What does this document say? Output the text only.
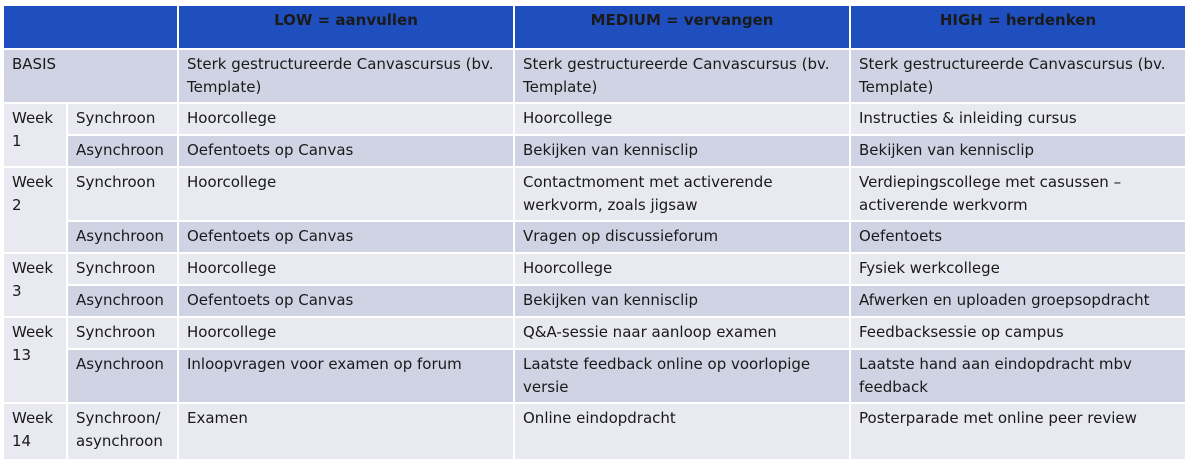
		LOW = aanvullen	MEDIUM = vervangen	HIGH = herdenken
BASIS		Sterk gestructureerde Canvascursus (bv. Template)	Sterk gestructureerde Canvascursus (bv. Template)	Sterk gestructureerde Canvascursus (bv. Template)
Week 1	Synchroon	Hoorcollege	Hoorcollege	Instructies & inleiding cursus
	Asynchroon	Oefentoets op Canvas	Bekijken van kennisclip	Bekijken van kennisclip
Week 2	Synchroon	Hoorcollege	Contactmoment met activerende werkvorm, zoals jigsaw	Verdiepingscollege met casussen – activerende werkvorm
	Asynchroon	Oefentoets op Canvas	Vragen op discussieforum	Oefentoets
Week 3	Synchroon	Hoorcollege	Hoorcollege	Fysiek werkcollege
	Asynchroon	Oefentoets op Canvas	Bekijken van kennisclip	Afwerken en uploaden groepsopdracht
Week 13	Synchroon	Hoorcollege	Q&A-sessie naar aanloop examen	Feedbacksessie op campus
	Asynchroon	Inloopvragen voor examen op forum	Laatste feedback online op voorlopige versie	Laatste hand aan eindopdracht mbv feedback
Week 14	Synchroon/ asynchroon	Examen	Online eindopdracht	Posterparade met online peer review
